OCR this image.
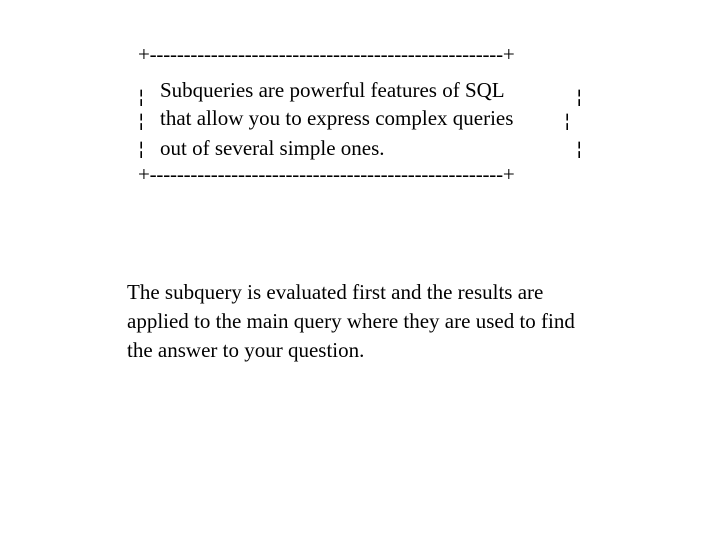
+----------------------------------------------------+
¦	¦
¦	¦
¦	¦
Subqueries are powerful features of SQL
that allow you to express complex queries
out of several simple ones.
+----------------------------------------------------+
The subquery is evaluated first and the results are
applied to the main query where they are used to find
the answer to your question.
